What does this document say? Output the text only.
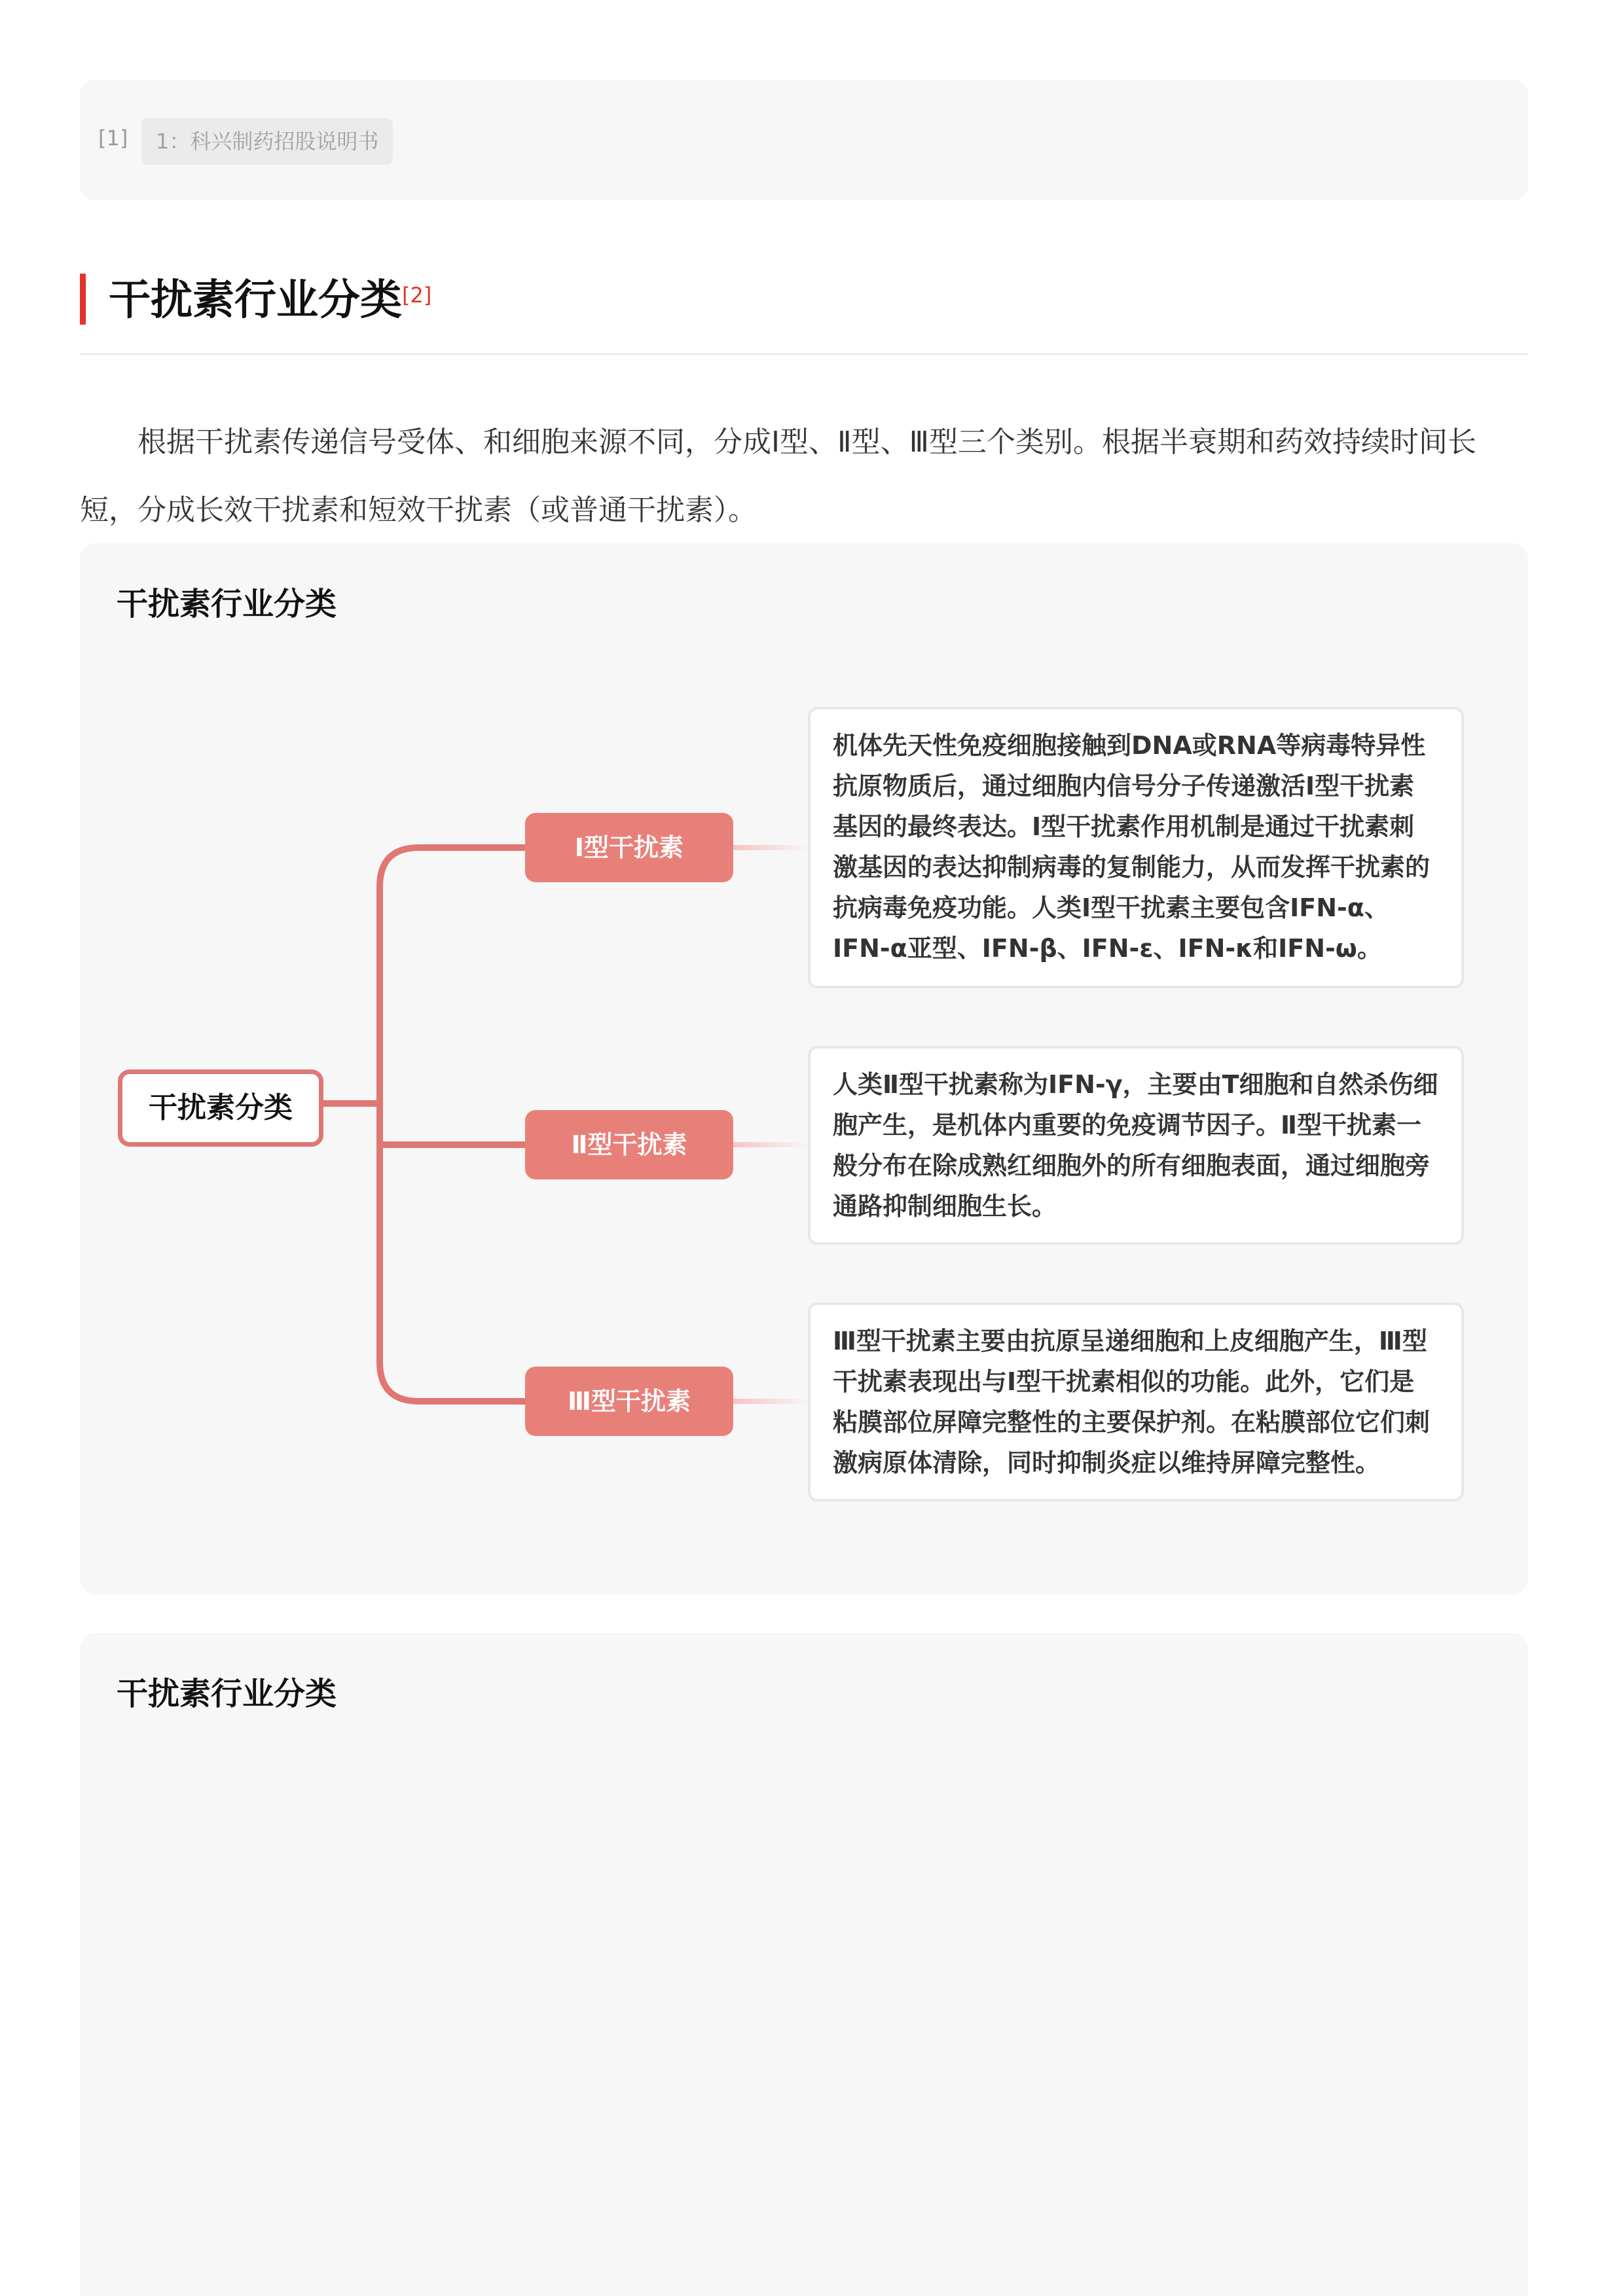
[1]	1：科兴制药招股说明书
干扰素行业分类[2]

根据干扰素传递信号受体、和细胞来源不同，分成Ⅰ型、Ⅱ型、Ⅲ型三个类别。根据半衰期和药效持续时间长短，分成长效干扰素和短效干扰素（或普通干扰素）。

干扰素行业分类
干扰素分类
Ⅰ型干扰素
Ⅱ型干扰素
Ⅲ型干扰素
机体先天性免疫细胞接触到DNA或RNA等病毒特异性抗原物质后，通过细胞内信号分子传递激活Ⅰ型干扰素基因的最终表达。Ⅰ型干扰素作用机制是通过干扰素刺激基因的表达抑制病毒的复制能力，从而发挥干扰素的抗病毒免疫功能。人类Ⅰ型干扰素主要包含IFN-α、IFN-α亚型、IFN-β、IFN-ε、IFN-κ和IFN-ω。
人类Ⅱ型干扰素称为IFN-γ，主要由T细胞和自然杀伤细胞产生，是机体内重要的免疫调节因子。Ⅱ型干扰素一般分布在除成熟红细胞外的所有细胞表面，通过细胞旁通路抑制细胞生长。
Ⅲ型干扰素主要由抗原呈递细胞和上皮细胞产生，Ⅲ型干扰素表现出与Ⅰ型干扰素相似的功能。此外，它们是粘膜部位屏障完整性的主要保护剂。在粘膜部位它们刺激病原体清除，同时抑制炎症以维持屏障完整性。
干扰素行业分类
